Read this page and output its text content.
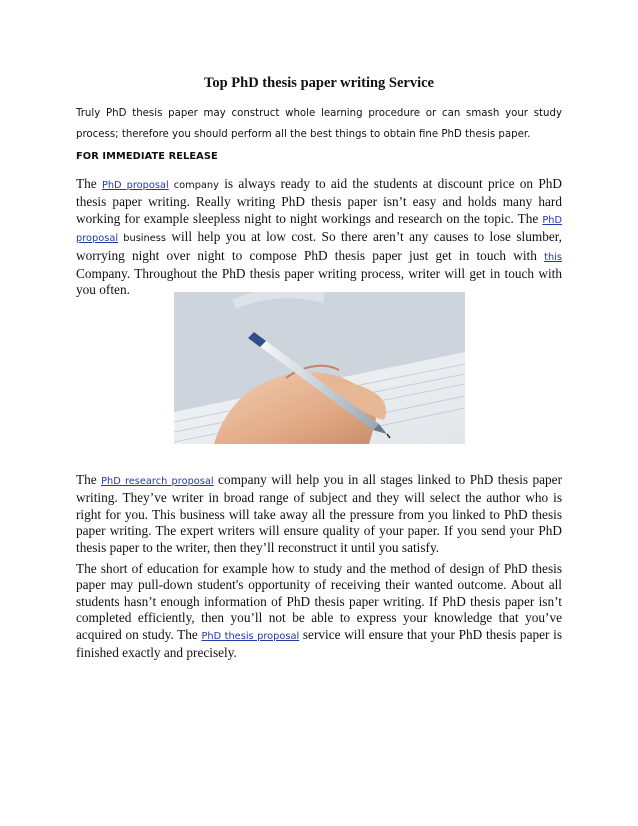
Top PhD thesis paper writing Service
Truly PhD thesis paper may construct whole learning procedure or can smash your study process; therefore you should perform all the best things to obtain fine PhD thesis paper.
FOR IMMEDIATE RELEASE
The PhD proposal company is always ready to aid the students at discount price on PhD thesis paper writing. Really writing PhD thesis paper isn’t easy and holds many hard working for example sleepless night to night workings and research on the topic. The PhD proposal business will help you at low cost. So there aren’t any causes to lose slumber, worrying night over night to compose PhD thesis paper just get in touch with this Company. Throughout the PhD thesis paper writing process, writer will get in touch with you often.
The PhD research proposal company will help you in all stages linked to PhD thesis paper writing. They’ve writer in broad range of subject and they will select the author who is right for you. This business will take away all the pressure from you linked to PhD thesis paper writing. The expert writers will ensure quality of your paper. If you send your PhD thesis paper to the writer, then they’ll reconstruct it until you satisfy.
The short of education for example how to study and the method of design of PhD thesis paper may pull-down student's opportunity of receiving their wanted outcome. About all students hasn’t enough information of PhD thesis paper writing. If PhD thesis paper isn’t completed efficiently, then you’ll not be able to express your knowledge that you’ve acquired on study. The PhD thesis proposal service will ensure that your PhD thesis paper is finished exactly and precisely.
